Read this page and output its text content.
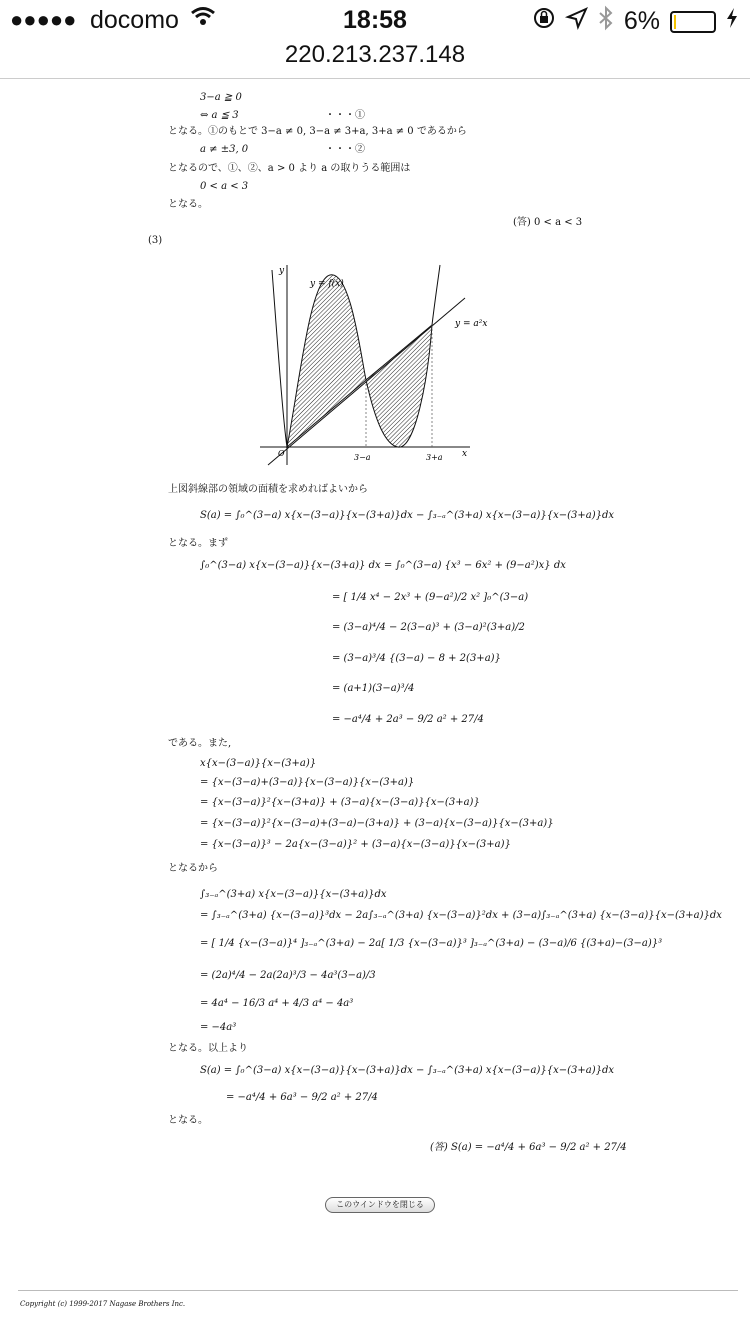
●●●●● docomo	18:58	6%
220.213.237.148
3−a ≧ 0
⇔ a ≦ 3	・・・①
となる。①のもとで 3−a ≠ 0, 3−a ≠ 3+a, 3+a ≠ 0 であるから
a ≠ ±3, 0	・・・②
となるので、①、②、a > 0 より a の取りうる範囲は
0 < a < 3
となる。
(答) 0 < a < 3
(3)
y
x
O
y = f(x)
y = a²x
3−a	3+a
上図斜線部の領域の面積を求めればよいから
S(a) = ∫₀^(3−a) x{x−(3−a)}{x−(3+a)}dx − ∫₃₋ₐ^(3+a) x{x−(3−a)}{x−(3+a)}dx
となる。まず
∫₀^(3−a) x{x−(3−a)}{x−(3+a)} dx = ∫₀^(3−a) {x³ − 6x² + (9−a²)x} dx
= [ 1/4 x⁴ − 2x³ + (9−a²)/2 x² ]₀^(3−a)
= (3−a)⁴/4 − 2(3−a)³ + (3−a)²(3+a)/2
= (3−a)³/4 {(3−a) − 8 + 2(3+a)}
= (a+1)(3−a)³/4
= −a⁴/4 + 2a³ − 9/2 a² + 27/4
である。また,
x{x−(3−a)}{x−(3+a)}
= {x−(3−a)+(3−a)}{x−(3−a)}{x−(3+a)}
= {x−(3−a)}²{x−(3+a)} + (3−a){x−(3−a)}{x−(3+a)}
= {x−(3−a)}²{x−(3−a)+(3−a)−(3+a)} + (3−a){x−(3−a)}{x−(3+a)}
= {x−(3−a)}³ − 2a{x−(3−a)}² + (3−a){x−(3−a)}{x−(3+a)}
となるから
∫₃₋ₐ^(3+a) x{x−(3−a)}{x−(3+a)}dx
= ∫₃₋ₐ^(3+a) {x−(3−a)}³dx − 2a∫₃₋ₐ^(3+a) {x−(3−a)}²dx + (3−a)∫₃₋ₐ^(3+a) {x−(3−a)}{x−(3+a)}dx
= [ 1/4 {x−(3−a)}⁴ ]₃₋ₐ^(3+a) − 2a[ 1/3 {x−(3−a)}³ ]₃₋ₐ^(3+a) − (3−a)/6 {(3+a)−(3−a)}³
= (2a)⁴/4 − 2a(2a)³/3 − 4a³(3−a)/3
= 4a⁴ − 16/3 a⁴ + 4/3 a⁴ − 4a³
= −4a³
となる。以上より
S(a) = ∫₀^(3−a) x{x−(3−a)}{x−(3+a)}dx − ∫₃₋ₐ^(3+a) x{x−(3−a)}{x−(3+a)}dx
= −a⁴/4 + 6a³ − 9/2 a² + 27/4
となる。
(答) S(a) = −a⁴/4 + 6a³ − 9/2 a² + 27/4
このウインドウを閉じる
Copyright (c) 1999-2017 Nagase Brothers Inc.
